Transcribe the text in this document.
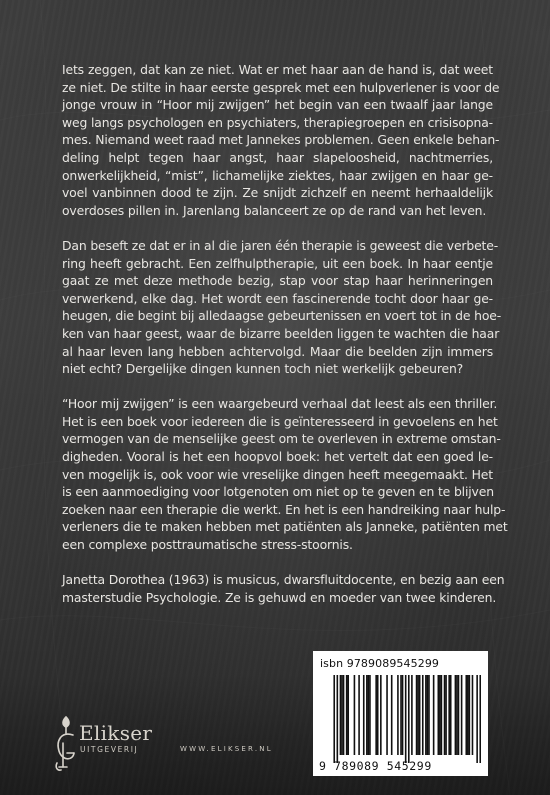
Iets zeggen, dat kan ze niet. Wat er met haar aan de hand is, dat weet
ze niet. De stilte in haar eerste gesprek met een hulpverlener is voor de
jonge vrouw in “Hoor mij zwijgen” het begin van een twaalf jaar lange
weg langs psychologen en psychiaters, therapiegroepen en crisisopna-
mes. Niemand weet raad met Jannekes problemen. Geen enkele behan-
deling helpt tegen haar angst, haar slapeloosheid, nachtmerries,
onwerkelijkheid, “mist”, lichamelijke ziektes, haar zwijgen en haar ge-
voel vanbinnen dood te zijn. Ze snijdt zichzelf en neemt herhaaldelijk
overdoses pillen in. Jarenlang balanceert ze op de rand van het leven.

Dan beseft ze dat er in al die jaren één therapie is geweest die verbete-
ring heeft gebracht. Een zelfhulptherapie, uit een boek. In haar eentje
gaat ze met deze methode bezig, stap voor stap haar herinneringen
verwerkend, elke dag. Het wordt een fascinerende tocht door haar ge-
heugen, die begint bij alledaagse gebeurtenissen en voert tot in de hoe-
ken van haar geest, waar de bizarre beelden liggen te wachten die haar
al haar leven lang hebben achtervolgd. Maar die beelden zijn immers
niet echt? Dergelijke dingen kunnen toch niet werkelijk gebeuren?

“Hoor mij zwijgen” is een waargebeurd verhaal dat leest als een thriller.
Het is een boek voor iedereen die is geïnteresseerd in gevoelens en het
vermogen van de menselijke geest om te overleven in extreme omstan-
digheden. Vooral is het een hoopvol boek: het vertelt dat een goed le-
ven mogelijk is, ook voor wie vreselijke dingen heeft meegemaakt. Het
is een aanmoediging voor lotgenoten om niet op te geven en te blijven
zoeken naar een therapie die werkt. En het is een handreiking naar hulp-
verleners die te maken hebben met patiënten als Janneke, patiënten met
een complexe posttraumatische stress-stoornis.

Janetta Dorothea (1963) is musicus, dwarsfluitdocente, en bezig aan een
masterstudie Psychologie. Ze is gehuwd en moeder van twee kinderen.

isbn 9789089545299
9 789089 545299
Elikser
UITGEVERIJ	WWW.ELIKSER.NL
